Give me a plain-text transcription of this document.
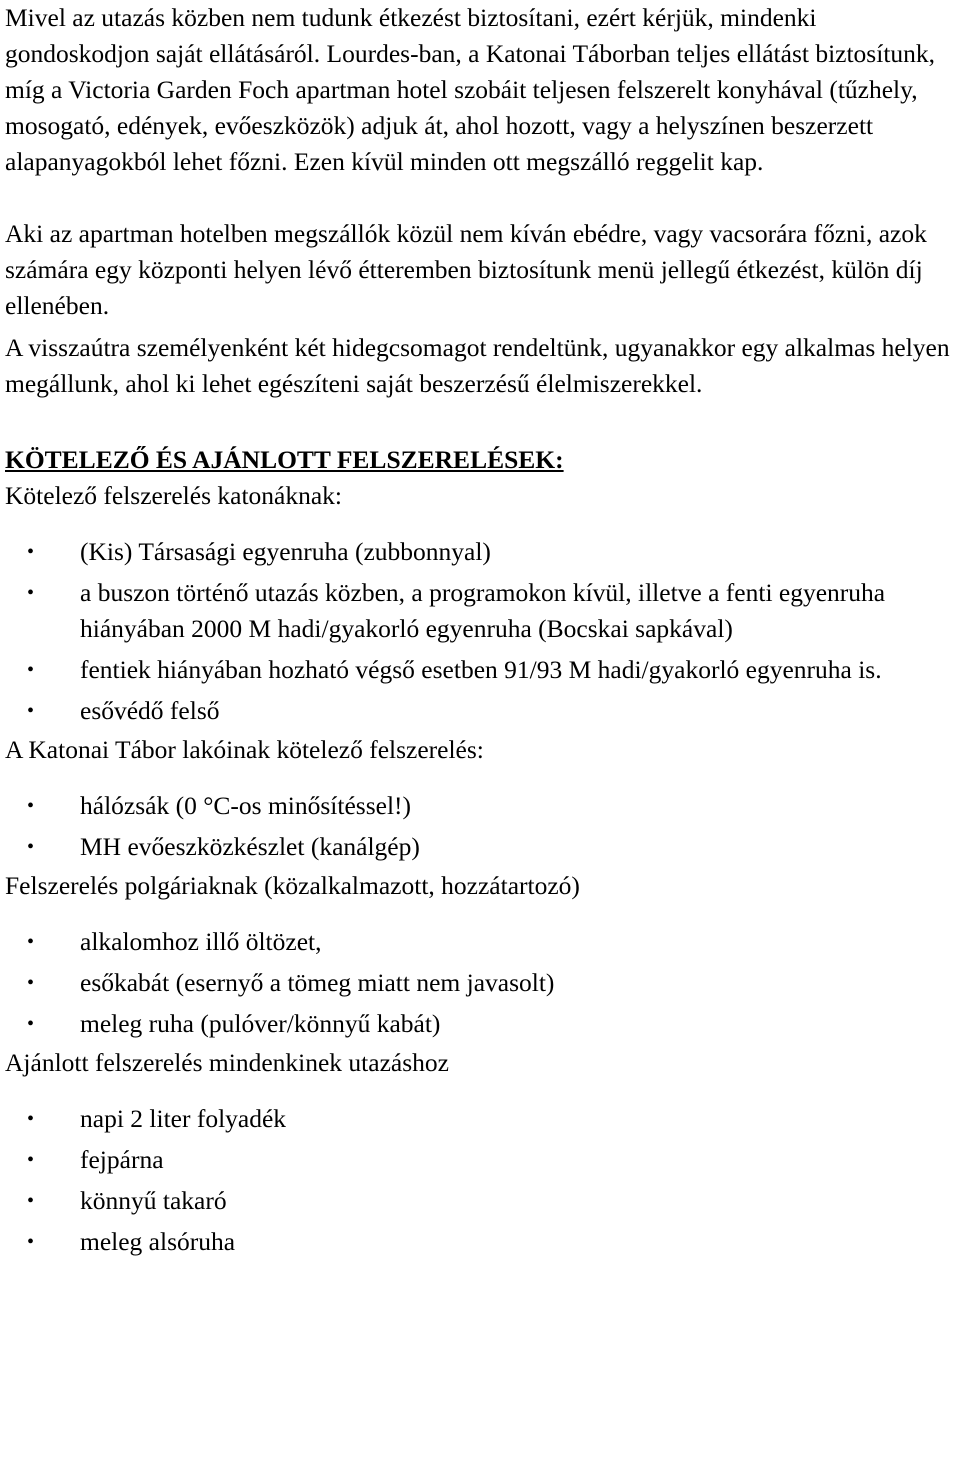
Mivel az utazás közben nem tudunk étkezést biztosítani, ezért kérjük, mindenki gondoskodjon saját ellátásáról. Lourdes-ban, a Katonai Táborban teljes ellátást biztosítunk, míg a Victoria Garden Foch apartman hotel szobáit teljesen felszerelt konyhával (tűzhely, mosogató, edények, evőeszközök) adjuk át, ahol hozott, vagy a helyszínen beszerzett alapanyagokból lehet főzni. Ezen kívül minden ott megszálló reggelit kap.

Aki az apartman hotelben megszállók közül nem kíván ebédre, vagy vacsorára főzni, azok számára egy központi helyen lévő étteremben biztosítunk menü jellegű étkezést, külön díj ellenében.

A visszaútra személyenként két hidegcsomagot rendeltünk, ugyanakkor egy alkalmas helyen megállunk, ahol ki lehet egészíteni saját beszerzésű élelmiszerekkel.

KÖTELEZŐ ÉS AJÁNLOTT FELSZERELÉSEK:

Kötelező felszerelés katonáknak:

• (Kis) Társasági egyenruha (zubbonnyal)
• a buszon történő utazás közben, a programokon kívül, illetve a fenti egyenruha hiányában 2000 M hadi/gyakorló egyenruha (Bocskai sapkával)
• fentiek hiányában hozható végső esetben 91/93 M hadi/gyakorló egyenruha is.
• esővédő felső

A Katonai Tábor lakóinak kötelező felszerelés:

• hálózsák (0 °C-os minősítéssel!)
• MH evőeszközkészlet (kanálgép)

Felszerelés polgáriaknak (közalkalmazott, hozzátartozó)

• alkalomhoz illő öltözet,
• esőkabát (esernyő a tömeg miatt nem javasolt)
• meleg ruha (pulóver/könnyű kabát)

Ajánlott felszerelés mindenkinek utazáshoz

• napi 2 liter folyadék
• fejpárna
• könnyű takaró
• meleg alsóruha
